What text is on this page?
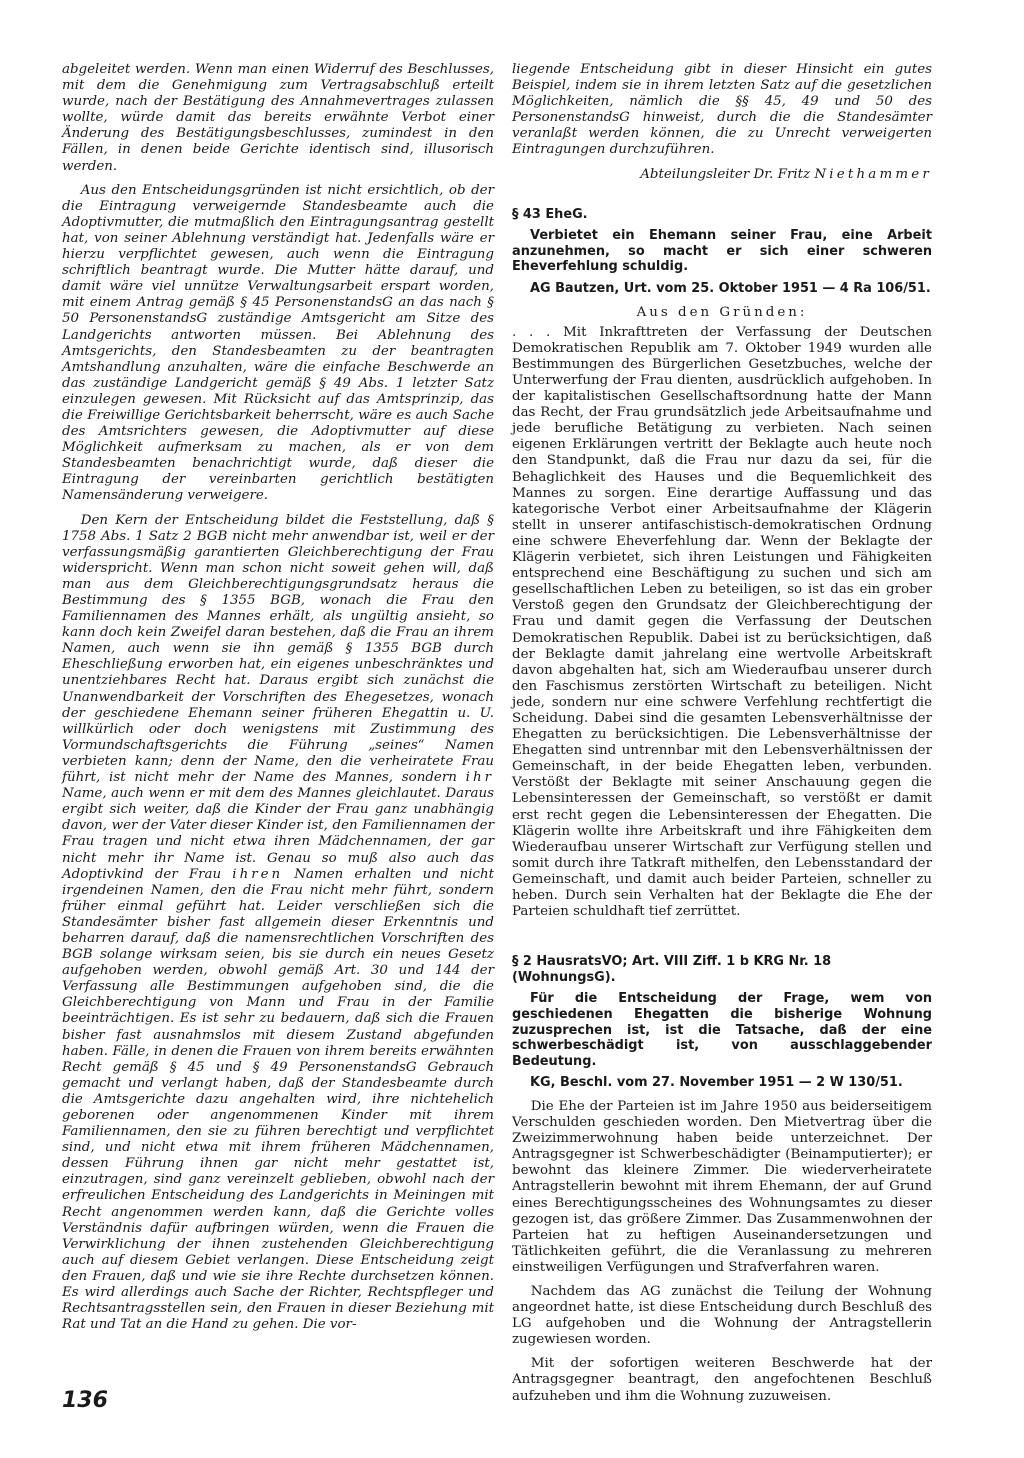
abgeleitet werden. Wenn man einen Widerruf des Beschlusses, mit dem die Genehmigung zum Vertragsabschluß erteilt wurde, nach der Bestätigung des Annahmevertrages zulassen wollte, würde damit das bereits erwähnte Verbot einer Änderung des Bestätigungsbeschlusses, zumindest in den Fällen, in denen beide Gerichte identisch sind, illusorisch werden.

Aus den Entscheidungsgründen ist nicht ersichtlich, ob der die Eintragung verweigernde Standesbeamte auch die Adoptivmutter, die mutmaßlich den Eintragungsantrag gestellt hat, von seiner Ablehnung verständigt hat. Jedenfalls wäre er hierzu verpflichtet gewesen, auch wenn die Eintragung schriftlich beantragt wurde. Die Mutter hätte darauf, und damit wäre viel unnütze Verwaltungsarbeit erspart worden, mit einem Antrag gemäß § 45 PersonenstandsG an das nach § 50 PersonenstandsG zuständige Amtsgericht am Sitze des Landgerichts antworten müssen. Bei Ablehnung des Amtsgerichts, den Standesbeamten zu der beantragten Amtshandlung anzuhalten, wäre die einfache Beschwerde an das zuständige Landgericht gemäß § 49 Abs. 1 letzter Satz einzulegen gewesen. Mit Rücksicht auf das Amtsprinzip, das die Freiwillige Gerichtsbarkeit beherrscht, wäre es auch Sache des Amtsrichters gewesen, die Adoptivmutter auf diese Möglichkeit aufmerksam zu machen, als er von dem Standesbeamten benachrichtigt wurde, daß dieser die Eintragung der vereinbarten gerichtlich bestätigten Namensänderung verweigere.

Den Kern der Entscheidung bildet die Feststellung, daß § 1758 Abs. 1 Satz 2 BGB nicht mehr anwendbar ist, weil er der verfassungsmäßig garantierten Gleichberechtigung der Frau widerspricht. Wenn man schon nicht soweit gehen will, daß man aus dem Gleichberechtigungsgrundsatz heraus die Bestimmung des § 1355 BGB, wonach die Frau den Familiennamen des Mannes erhält, als ungültig ansieht, so kann doch kein Zweifel daran bestehen, daß die Frau an ihrem Namen, auch wenn sie ihn gemäß § 1355 BGB durch Eheschließung erworben hat, ein eigenes unbeschränktes und unentziehbares Recht hat. Daraus ergibt sich zunächst die Unanwendbarkeit der Vorschriften des Ehegesetzes, wonach der geschiedene Ehemann seiner früheren Ehegattin u. U. willkürlich oder doch wenigstens mit Zustimmung des Vormundschaftsgerichts die Führung „seines“ Namen verbieten kann; denn der Name, den die verheiratete Frau führt, ist nicht mehr der Name des Mannes, sondern ihr Name, auch wenn er mit dem des Mannes gleichlautet. Daraus ergibt sich weiter, daß die Kinder der Frau ganz unabhängig davon, wer der Vater dieser Kinder ist, den Familiennamen der Frau tragen und nicht etwa ihren Mädchennamen, der gar nicht mehr ihr Name ist. Genau so muß also auch das Adoptivkind der Frau ihren Namen erhalten und nicht irgendeinen Namen, den die Frau nicht mehr führt, sondern früher einmal geführt hat. Leider verschließen sich die Standesämter bisher fast allgemein dieser Erkenntnis und beharren darauf, daß die namensrechtlichen Vorschriften des BGB solange wirksam seien, bis sie durch ein neues Gesetz aufgehoben werden, obwohl gemäß Art. 30 und 144 der Verfassung alle Bestimmungen aufgehoben sind, die die Gleichberechtigung von Mann und Frau in der Familie beeinträchtigen. Es ist sehr zu bedauern, daß sich die Frauen bisher fast ausnahmslos mit diesem Zustand abgefunden haben. Fälle, in denen die Frauen von ihrem bereits erwähnten Recht gemäß § 45 und § 49 PersonenstandsG Gebrauch gemacht und verlangt haben, daß der Standesbeamte durch die Amtsgerichte dazu angehalten wird, ihre nichtehelich geborenen oder angenommenen Kinder mit ihrem Familiennamen, den sie zu führen berechtigt und verpflichtet sind, und nicht etwa mit ihrem früheren Mädchennamen, dessen Führung ihnen gar nicht mehr gestattet ist, einzutragen, sind ganz vereinzelt geblieben, obwohl nach der erfreulichen Entscheidung des Landgerichts in Meiningen mit Recht angenommen werden kann, daß die Gerichte volles Verständnis dafür aufbringen würden, wenn die Frauen die Verwirklichung der ihnen zustehenden Gleichberechtigung auch auf diesem Gebiet verlangen. Diese Entscheidung zeigt den Frauen, daß und wie sie ihre Rechte durchsetzen können. Es wird allerdings auch Sache der Richter, Rechtspfleger und Rechtsantragsstellen sein, den Frauen in dieser Beziehung mit Rat und Tat an die Hand zu gehen. Die vor-

liegende Entscheidung gibt in dieser Hinsicht ein gutes Beispiel, indem sie in ihrem letzten Satz auf die gesetzlichen Möglichkeiten, nämlich die §§ 45, 49 und 50 des PersonenstandsG hinweist, durch die die Standesämter veranlaßt werden können, die zu Unrecht verweigerten Eintragungen durchzuführen.

Abteilungsleiter Dr. Fritz Niethammer
§ 43 EheG.
Verbietet ein Ehemann seiner Frau, eine Arbeit anzunehmen, so macht er sich einer schweren Eheverfehlung schuldig.
AG Bautzen, Urt. vom 25. Oktober 1951 — 4 Ra 106/51.
Aus den Gründen:

. . . Mit Inkrafttreten der Verfassung der Deutschen Demokratischen Republik am 7. Oktober 1949 wurden alle Bestimmungen des Bürgerlichen Gesetzbuches, welche der Unterwerfung der Frau dienten, ausdrücklich aufgehoben. In der kapitalistischen Gesellschaftsordnung hatte der Mann das Recht, der Frau grundsätzlich jede Arbeitsaufnahme und jede berufliche Betätigung zu verbieten. Nach seinen eigenen Erklärungen vertritt der Beklagte auch heute noch den Standpunkt, daß die Frau nur dazu da sei, für die Behaglichkeit des Hauses und die Bequemlichkeit des Mannes zu sorgen. Eine derartige Auffassung und das kategorische Verbot einer Arbeitsaufnahme der Klägerin stellt in unserer antifaschistisch-demokratischen Ordnung eine schwere Eheverfehlung dar. Wenn der Beklagte der Klägerin verbietet, sich ihren Leistungen und Fähigkeiten entsprechend eine Beschäftigung zu suchen und sich am gesellschaftlichen Leben zu beteiligen, so ist das ein grober Verstoß gegen den Grundsatz der Gleichberechtigung der Frau und damit gegen die Verfassung der Deutschen Demokratischen Republik. Dabei ist zu berücksichtigen, daß der Beklagte damit jahrelang eine wertvolle Arbeitskraft davon abgehalten hat, sich am Wiederaufbau unserer durch den Faschismus zerstörten Wirtschaft zu beteiligen. Nicht jede, sondern nur eine schwere Verfehlung rechtfertigt die Scheidung. Dabei sind die gesamten Lebensverhältnisse der Ehegatten zu berücksichtigen. Die Lebensverhältnisse der Ehegatten sind untrennbar mit den Lebensverhältnissen der Gemeinschaft, in der beide Ehegatten leben, verbunden. Verstößt der Beklagte mit seiner Anschauung gegen die Lebensinteressen der Gemeinschaft, so verstößt er damit erst recht gegen die Lebensinteressen der Ehegatten. Die Klägerin wollte ihre Arbeitskraft und ihre Fähigkeiten dem Wiederaufbau unserer Wirtschaft zur Verfügung stellen und somit durch ihre Tatkraft mithelfen, den Lebensstandard der Gemeinschaft, und damit auch beider Parteien, schneller zu heben. Durch sein Verhalten hat der Beklagte die Ehe der Parteien schuldhaft tief zerrüttet.

§ 2 HausratsVO; Art. VIII Ziff. 1 b KRG Nr. 18 (WohnungsG).
Für die Entscheidung der Frage, wem von geschiedenen Ehegatten die bisherige Wohnung zuzusprechen ist, ist die Tatsache, daß der eine schwerbeschädigt ist, von ausschlaggebender Bedeutung.
KG, Beschl. vom 27. November 1951 — 2 W 130/51.

Die Ehe der Parteien ist im Jahre 1950 aus beiderseitigem Verschulden geschieden worden. Den Mietvertrag über die Zweizimmerwohnung haben beide unterzeichnet. Der Antragsgegner ist Schwerbeschädigter (Beinamputierter); er bewohnt das kleinere Zimmer. Die wiederverheiratete Antragstellerin bewohnt mit ihrem Ehemann, der auf Grund eines Berechtigungsscheines des Wohnungsamtes zu dieser gezogen ist, das größere Zimmer. Das Zusammenwohnen der Parteien hat zu heftigen Auseinandersetzungen und Tätlichkeiten geführt, die die Veranlassung zu mehreren einstweiligen Verfügungen und Strafverfahren waren.

Nachdem das AG zunächst die Teilung der Wohnung angeordnet hatte, ist diese Entscheidung durch Beschluß des LG aufgehoben und die Wohnung der Antragstellerin zugewiesen worden.

Mit der sofortigen weiteren Beschwerde hat der Antragsgegner beantragt, den angefochtenen Beschluß aufzuheben und ihm die Wohnung zuzuweisen.

136
